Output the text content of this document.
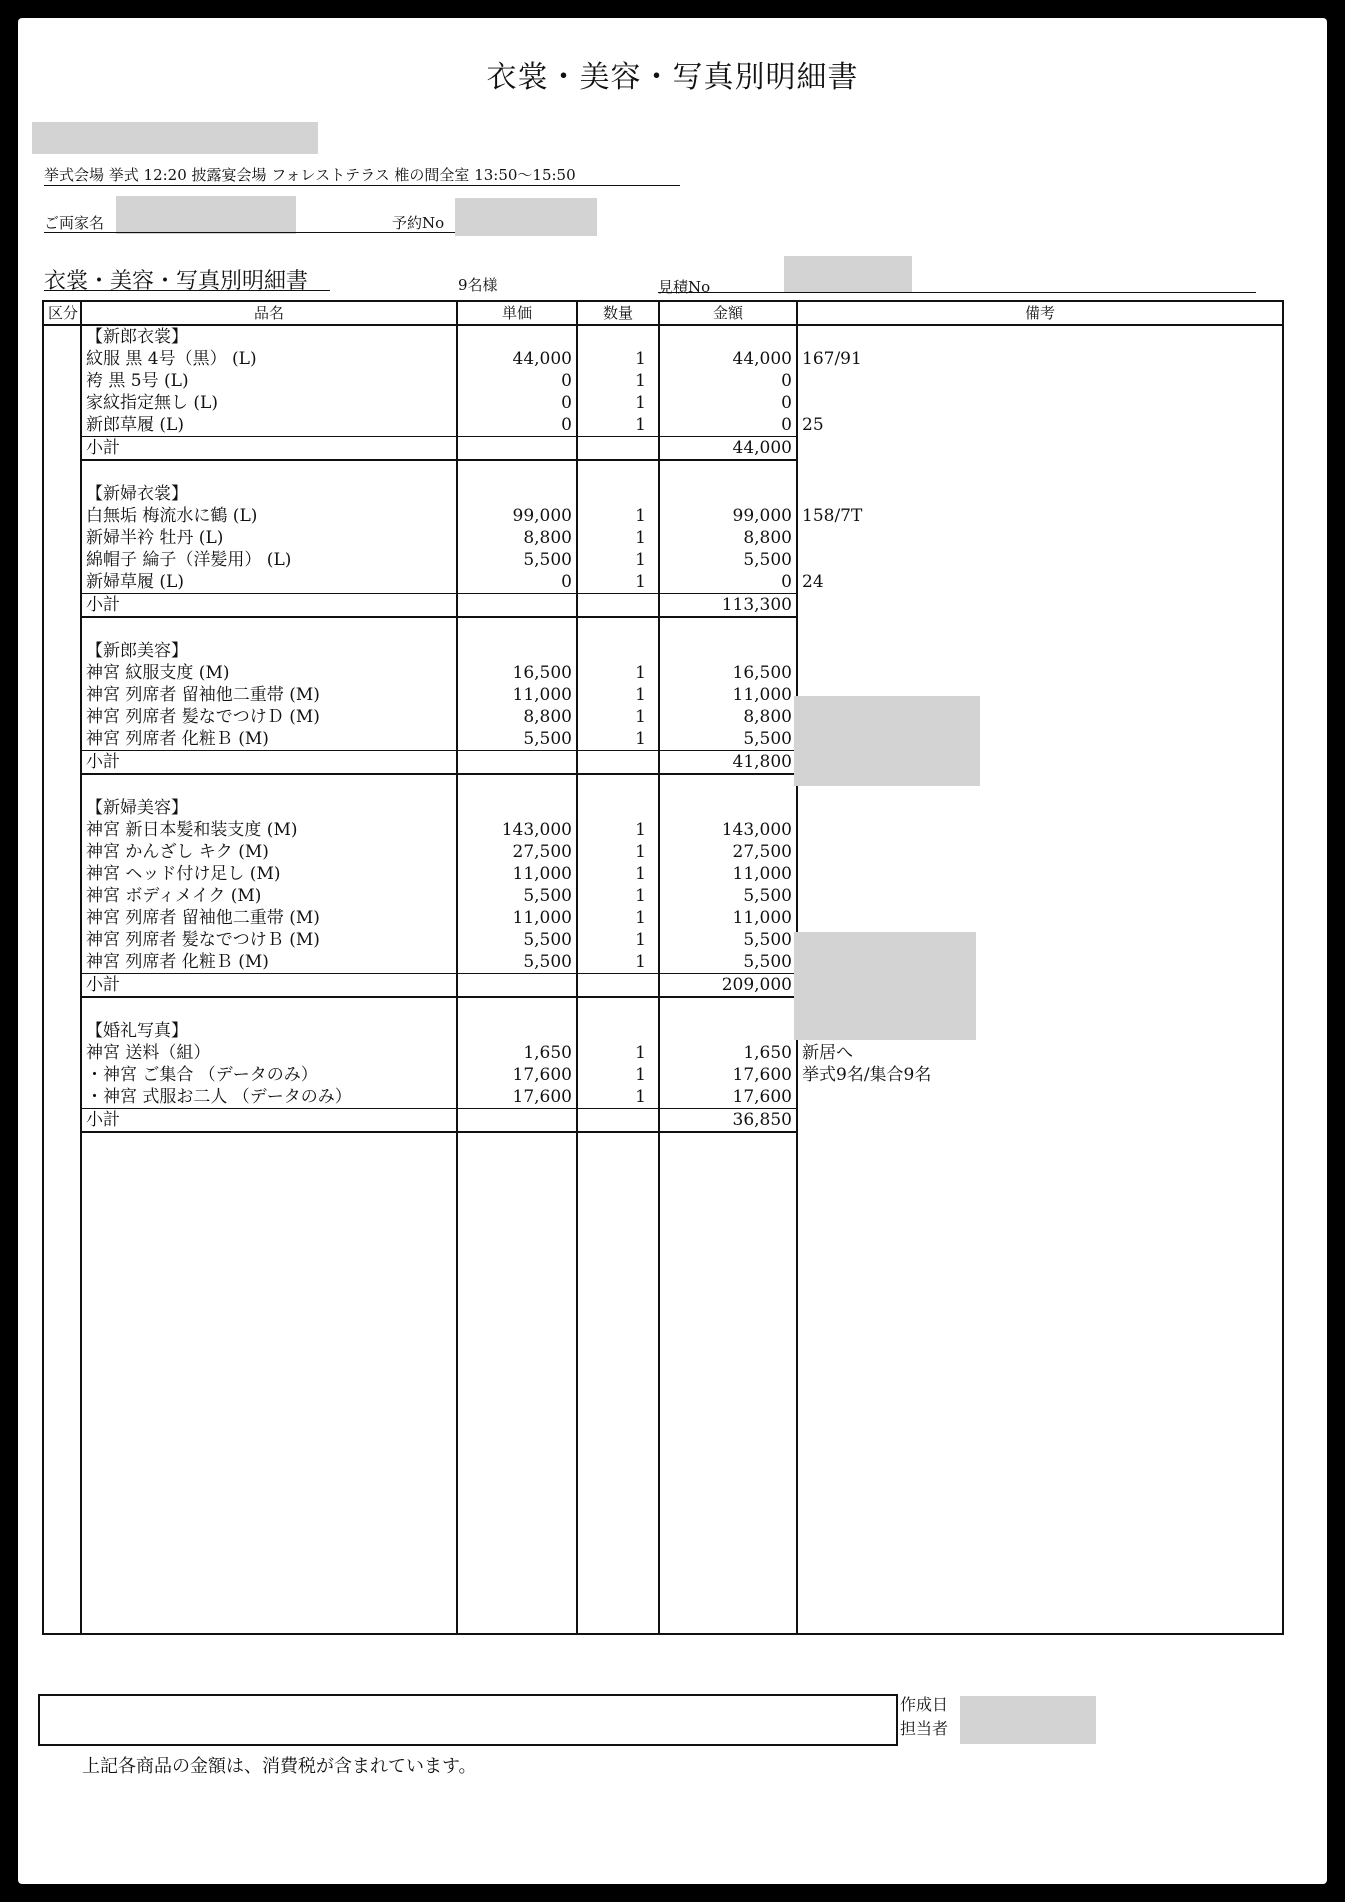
衣裳・美容・写真別明細書
挙式会場 挙式 12:20 披露宴会場 フォレストテラス 椎の間全室 13:50〜15:50
ご両家名	予約No
衣裳・美容・写真別明細書	9名様	見積No
区分	品名	単価	数量	金額	備考
	【新郎衣裳】				
	紋服 黒 4号（黒） (L)	44,000	1	44,000	167/91
	袴 黒 5号 (L)	0	1	0	
	家紋指定無し (L)	0	1	0	
	新郎草履 (L)	0	1	0	25
	小計			44,000	

	【新婦衣裳】				
	白無垢 梅流水に鶴 (L)	99,000	1	99,000	158/7T
	新婦半衿 牡丹 (L)	8,800	1	8,800	
	綿帽子 綸子（洋髪用） (L)	5,500	1	5,500	
	新婦草履 (L)	0	1	0	24
	小計			113,300	

	【新郎美容】				
	神宮 紋服支度 (M)	16,500	1	16,500	
	神宮 列席者 留袖他二重帯 (M)	11,000	1	11,000	
	神宮 列席者 髪なでつけＤ (M)	8,800	1	8,800	
	神宮 列席者 化粧Ｂ (M)	5,500	1	5,500	
	小計			41,800	

	【新婦美容】				
	神宮 新日本髪和装支度 (M)	143,000	1	143,000	
	神宮 かんざし キク (M)	27,500	1	27,500	
	神宮 ヘッド付け足し (M)	11,000	1	11,000	
	神宮 ボディメイク (M)	5,500	1	5,500	
	神宮 列席者 留袖他二重帯 (M)	11,000	1	11,000	
	神宮 列席者 髪なでつけＢ (M)	5,500	1	5,500	
	神宮 列席者 化粧Ｂ (M)	5,500	1	5,500	
	小計			209,000	

	【婚礼写真】				
	神宮 送料（組）	1,650	1	1,650	新居へ
	・神宮 ご集合 （データのみ）	17,600	1	17,600	挙式9名/集合9名
	・神宮 式服お二人 （データのみ）	17,600	1	17,600	
	小計			36,850	

作成日
担当者
上記各商品の金額は、消費税が含まれています。
